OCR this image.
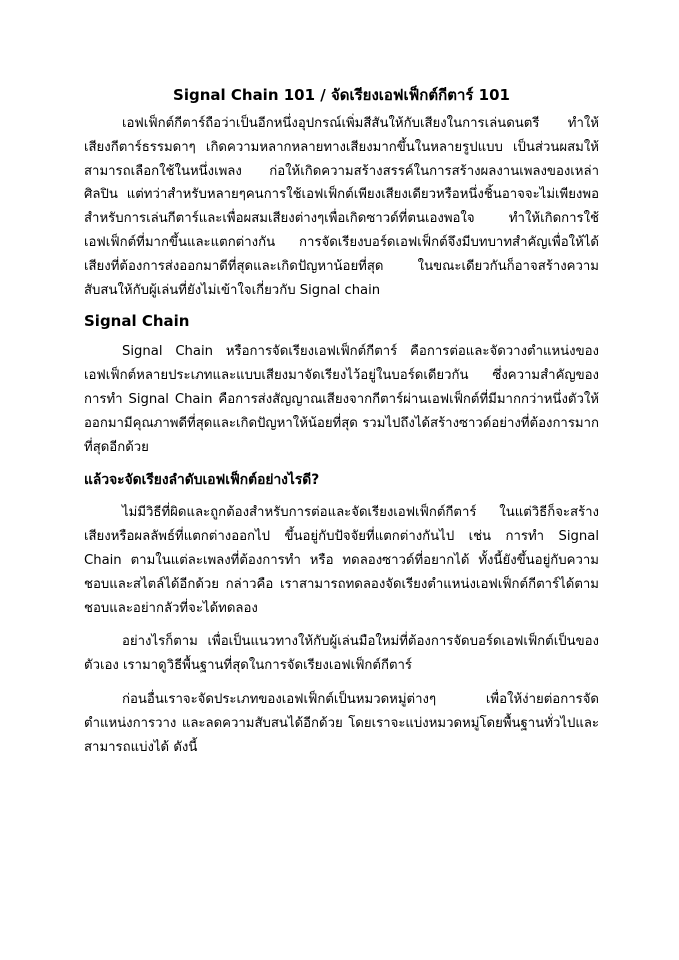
Signal Chain 101 / จัดเรียงเอฟเฟ็กต์กีตาร์ 101

เอฟเฟ็กต์กีตาร์ถือว่าเป็นอีกหนึ่งอุปกรณ์เพิ่มสีสันให้กับเสียงในการเล่นดนตรี ทำให้เสียงกีตาร์ธรรมดาๆ เกิดความหลากหลายทางเสียงมากขึ้นในหลายรูปแบบ เป็นส่วนผสมให้สามารถเลือกใช้ในหนึ่งเพลง ก่อให้เกิดความสร้างสรรค์ในการสร้างผลงานเพลงของเหล่าศิลปิน แต่ทว่าสำหรับหลายๆคนการใช้เอฟเฟ็กต์เพียงเสียงเดียวหรือหนึ่งชิ้นอาจจะไม่เพียงพอสำหรับการเล่นกีตาร์และเพื่อผสมเสียงต่างๆเพื่อเกิดซาวด์ที่ตนเองพอใจ ทำให้เกิดการใช้เอฟเฟ็กต์ที่มากขึ้นและแตกต่างกัน การจัดเรียงบอร์ดเอฟเฟ็กต์จึงมีบทบาทสำคัญเพื่อให้ได้เสียงที่ต้องการส่งออกมาดีที่สุดและเกิดปัญหาน้อยที่สุด ในขณะเดียวกันก็อาจสร้างความสับสนให้กับผู้เล่นที่ยังไม่เข้าใจเกี่ยวกับ Signal chain

Signal Chain

Signal Chain หรือการจัดเรียงเอฟเฟ็กต์กีตาร์ คือการต่อและจัดวางตำแหน่งของเอฟเฟ็กต์หลายประเภทและแบบเสียงมาจัดเรียงไว้อยู่ในบอร์ดเดียวกัน ซึ่งความสำคัญของการทำ Signal Chain คือการส่งสัญญาณเสียงจากกีตาร์ผ่านเอฟเฟ็กต์ที่มีมากกว่าหนึ่งตัวให้ออกมามีคุณภาพดีที่สุดและเกิดปัญหาให้น้อยที่สุด รวมไปถึงได้สร้างซาวด์อย่างที่ต้องการมากที่สุดอีกด้วย

แล้วจะจัดเรียงลำดับเอฟเฟ็กต์อย่างไรดี?

ไม่มีวิธีที่ผิดและถูกต้องสำหรับการต่อและจัดเรียงเอฟเฟ็กต์กีตาร์ ในแต่วิธีก็จะสร้างเสียงหรือผลลัพธ์ที่แตกต่างออกไป ขึ้นอยู่กับปัจจัยที่แตกต่างกันไป เช่น การทำ Signal Chain ตามในแต่ละเพลงที่ต้องการทำ หรือ ทดลองซาวด์ที่อยากได้ ทั้งนี้ยังขึ้นอยู่กับความชอบและสไตล์ได้อีกด้วย กล่าวคือ เราสามารถทดลองจัดเรียงตำแหน่งเอฟเฟ็กต์กีตาร์ได้ตามชอบและอย่ากลัวที่จะได้ทดลอง

อย่างไรก็ตาม เพื่อเป็นแนวทางให้กับผู้เล่นมือใหม่ที่ต้องการจัดบอร์ดเอฟเฟ็กต์เป็นของตัวเอง เรามาดูวิธีพื้นฐานที่สุดในการจัดเรียงเอฟเฟ็กต์กีตาร์

ก่อนอื่นเราจะจัดประเภทของเอฟเฟ็กต์เป็นหมวดหมู่ต่างๆ เพื่อให้ง่ายต่อการจัดตำแหน่งการวาง และลดความสับสนได้อีกด้วย โดยเราจะแบ่งหมวดหมู่โดยพื้นฐานทั่วไปและสามารถแบ่งได้ ดังนี้
